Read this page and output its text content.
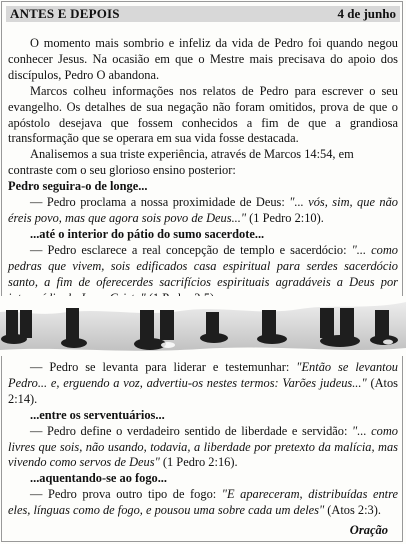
ANTES E DEPOIS	4 de junho

O momento mais sombrio e infeliz da vida de Pedro foi quando negou conhecer Jesus. Na ocasião em que o Mestre mais precisava do apoio dos discípulos, Pedro O abandona.

Marcos colheu informações nos relatos de Pedro para escrever o seu evangelho. Os detalhes de sua negação não foram omitidos, prova de que o apóstolo desejava que fossem conhecidos a fim de que a grandiosa transformação que se operara em sua vida fosse destacada.

Analisemos a sua triste experiência, através de Marcos 14:54, em contraste com o seu glorioso ensino posterior:

Pedro seguira-o de longe...

— Pedro proclama a nossa proximidade de Deus: "... vós, sim, que não éreis povo, mas que agora sois povo de Deus..." (1 Pedro 2:10).

...até o interior do pátio do sumo sacerdote...

— Pedro esclarece a real concepção de templo e sacerdócio: "... como pedras que vivem, sois edificados casa espiritual para serdes sacerdócio santo, a fim de oferecerdes sacrifícios espirituais agradáveis a Deus por

— Pedro se levanta para liderar e testemunhar: "Então se levantou Pedro... e, erguendo a voz, advertiu-os nestes termos: Varões judeus..." (Atos 2:14).

...entre os serventuários...

— Pedro define o verdadeiro sentido de liberdade e servidão: "... como livres que sois, não usando, todavia, a liberdade por pretexto da malícia, mas vivendo como servos de Deus" (1 Pedro 2:16).

...aquentando-se ao fogo...

— Pedro prova outro tipo de fogo: "E apareceram, distribuídas entre eles, línguas como de fogo, e pousou uma sobre cada um deles" (Atos 2:3).

Oração
